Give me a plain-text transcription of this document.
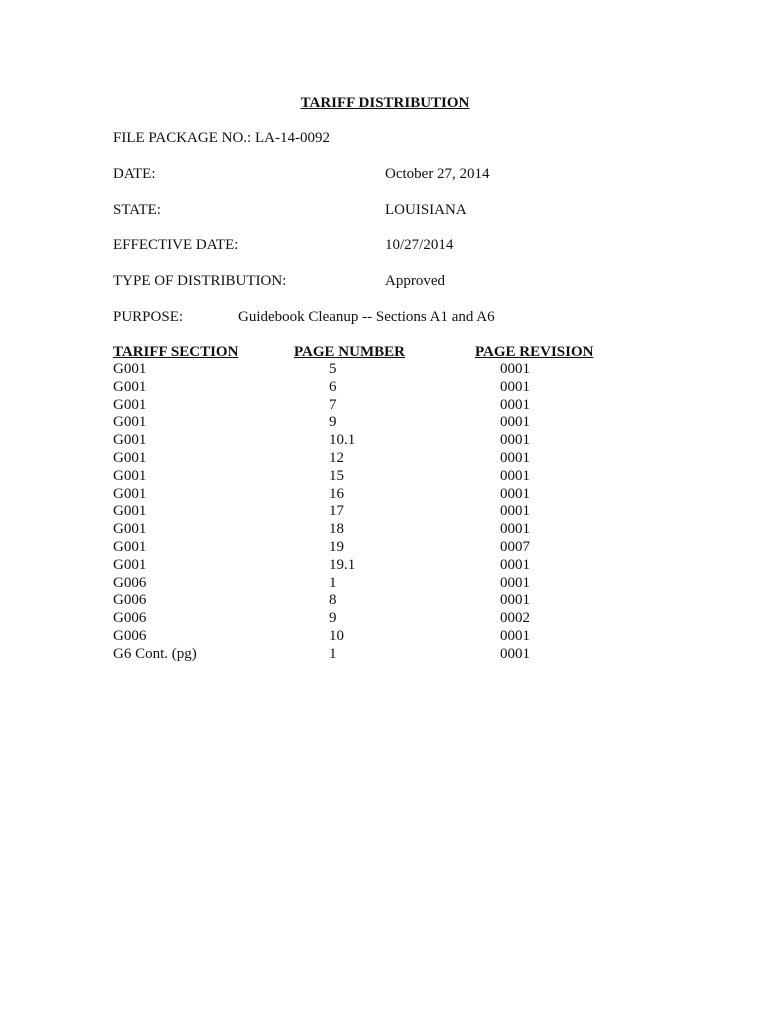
TARIFF DISTRIBUTION
FILE PACKAGE NO.: LA-14-0092
DATE:	October 27, 2014
STATE:	LOUISIANA
EFFECTIVE DATE:	10/27/2014
TYPE OF DISTRIBUTION:	Approved
PURPOSE:	Guidebook Cleanup -- Sections A1 and A6
TARIFF SECTION	PAGE NUMBER	PAGE REVISION
G001	5	0001
G001	6	0001
G001	7	0001
G001	9	0001
G001	10.1	0001
G001	12	0001
G001	15	0001
G001	16	0001
G001	17	0001
G001	18	0001
G001	19	0007
G001	19.1	0001
G006	1	0001
G006	8	0001
G006	9	0002
G006	10	0001
G6 Cont. (pg)	1	0001
